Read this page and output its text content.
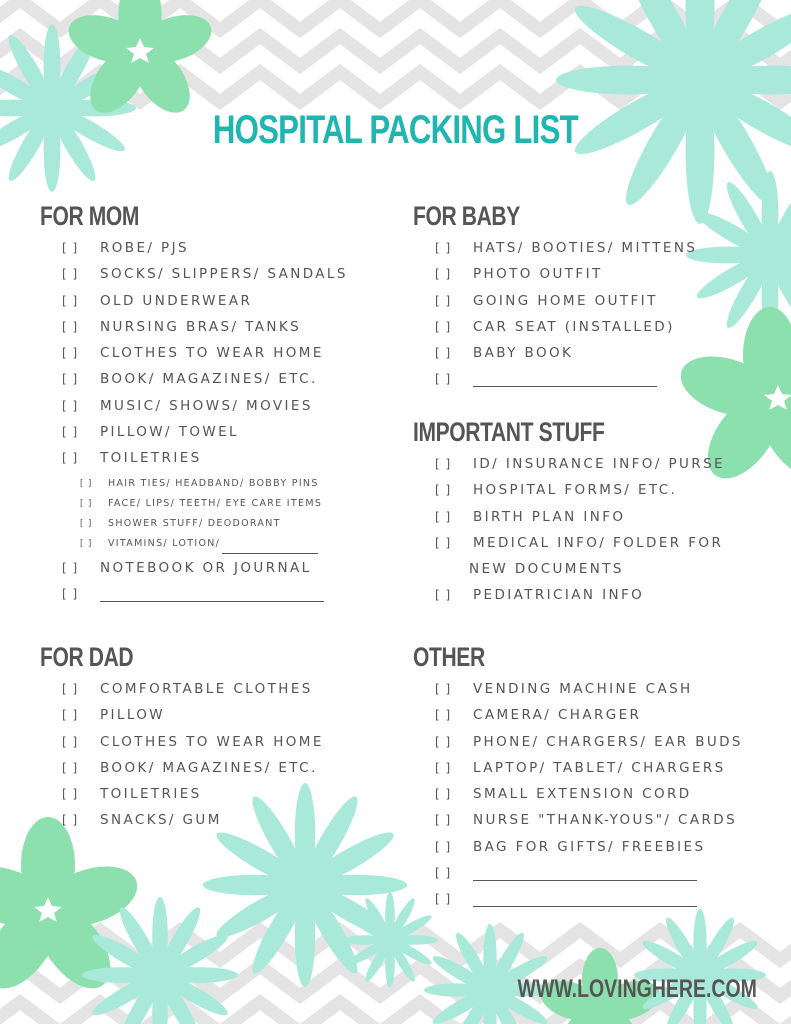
HOSPITAL PACKING LIST
FOR MOM
[ ] ROBE/ PJS
[ ] SOCKS/ SLIPPERS/ SANDALS
[ ] OLD UNDERWEAR
[ ] NURSING BRAS/ TANKS
[ ] CLOTHES TO WEAR HOME
[ ] BOOK/ MAGAZINES/ ETC.
[ ] MUSIC/ SHOWS/ MOVIES
[ ] PILLOW/ TOWEL
[ ] TOILETRIES
[ ] HAIR TIES/ HEADBAND/ BOBBY PINS
[ ] FACE/ LIPS/ TEETH/ EYE CARE ITEMS
[ ] SHOWER STUFF/ DEODORANT
[ ] VITAMINS/ LOTION/
[ ] NOTEBOOK OR JOURNAL
[ ]
FOR BABY
[ ] HATS/ BOOTIES/ MITTENS
[ ] PHOTO OUTFIT
[ ] GOING HOME OUTFIT
[ ] CAR SEAT (INSTALLED)
[ ] BABY BOOK
[ ]
IMPORTANT STUFF
[ ] ID/ INSURANCE INFO/ PURSE
[ ] HOSPITAL FORMS/ ETC.
[ ] BIRTH PLAN INFO
[ ] MEDICAL INFO/ FOLDER FOR
NEW DOCUMENTS
[ ] PEDIATRICIAN INFO
FOR DAD
[ ] COMFORTABLE CLOTHES
[ ] PILLOW
[ ] CLOTHES TO WEAR HOME
[ ] BOOK/ MAGAZINES/ ETC.
[ ] TOILETRIES
[ ] SNACKS/ GUM
OTHER
[ ] VENDING MACHINE CASH
[ ] CAMERA/ CHARGER
[ ] PHONE/ CHARGERS/ EAR BUDS
[ ] LAPTOP/ TABLET/ CHARGERS
[ ] SMALL EXTENSION CORD
[ ] NURSE "THANK-YOUS"/ CARDS
[ ] BAG FOR GIFTS/ FREEBIES
[ ]
[ ]
WWW.LOVINGHERE.COM
